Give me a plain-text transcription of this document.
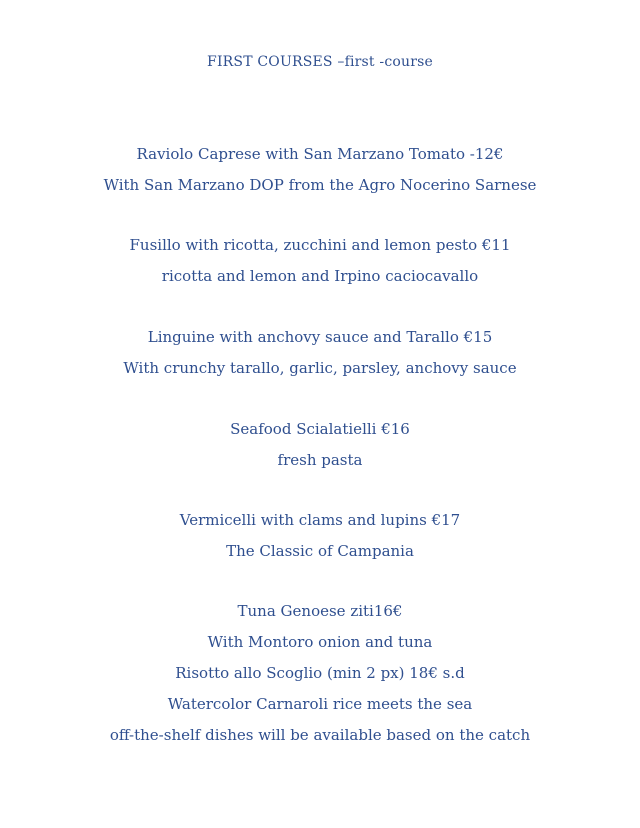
FIRST COURSES –first -course
Raviolo Caprese with San Marzano Tomato -12€
With San Marzano DOP from the Agro Nocerino Sarnese
Fusillo with ricotta, zucchini and lemon pesto €11
ricotta and lemon and Irpino caciocavallo
Linguine with anchovy sauce and Tarallo €15
With crunchy tarallo, garlic, parsley, anchovy sauce
Seafood Scialatielli €16
fresh pasta
Vermicelli with clams and lupins €17
The Classic of Campania
Tuna Genoese ziti16€
With Montoro onion and tuna
Risotto allo Scoglio (min 2 px) 18€ s.d
Watercolor Carnaroli rice meets the sea
off-the-shelf dishes will be available based on the catch
